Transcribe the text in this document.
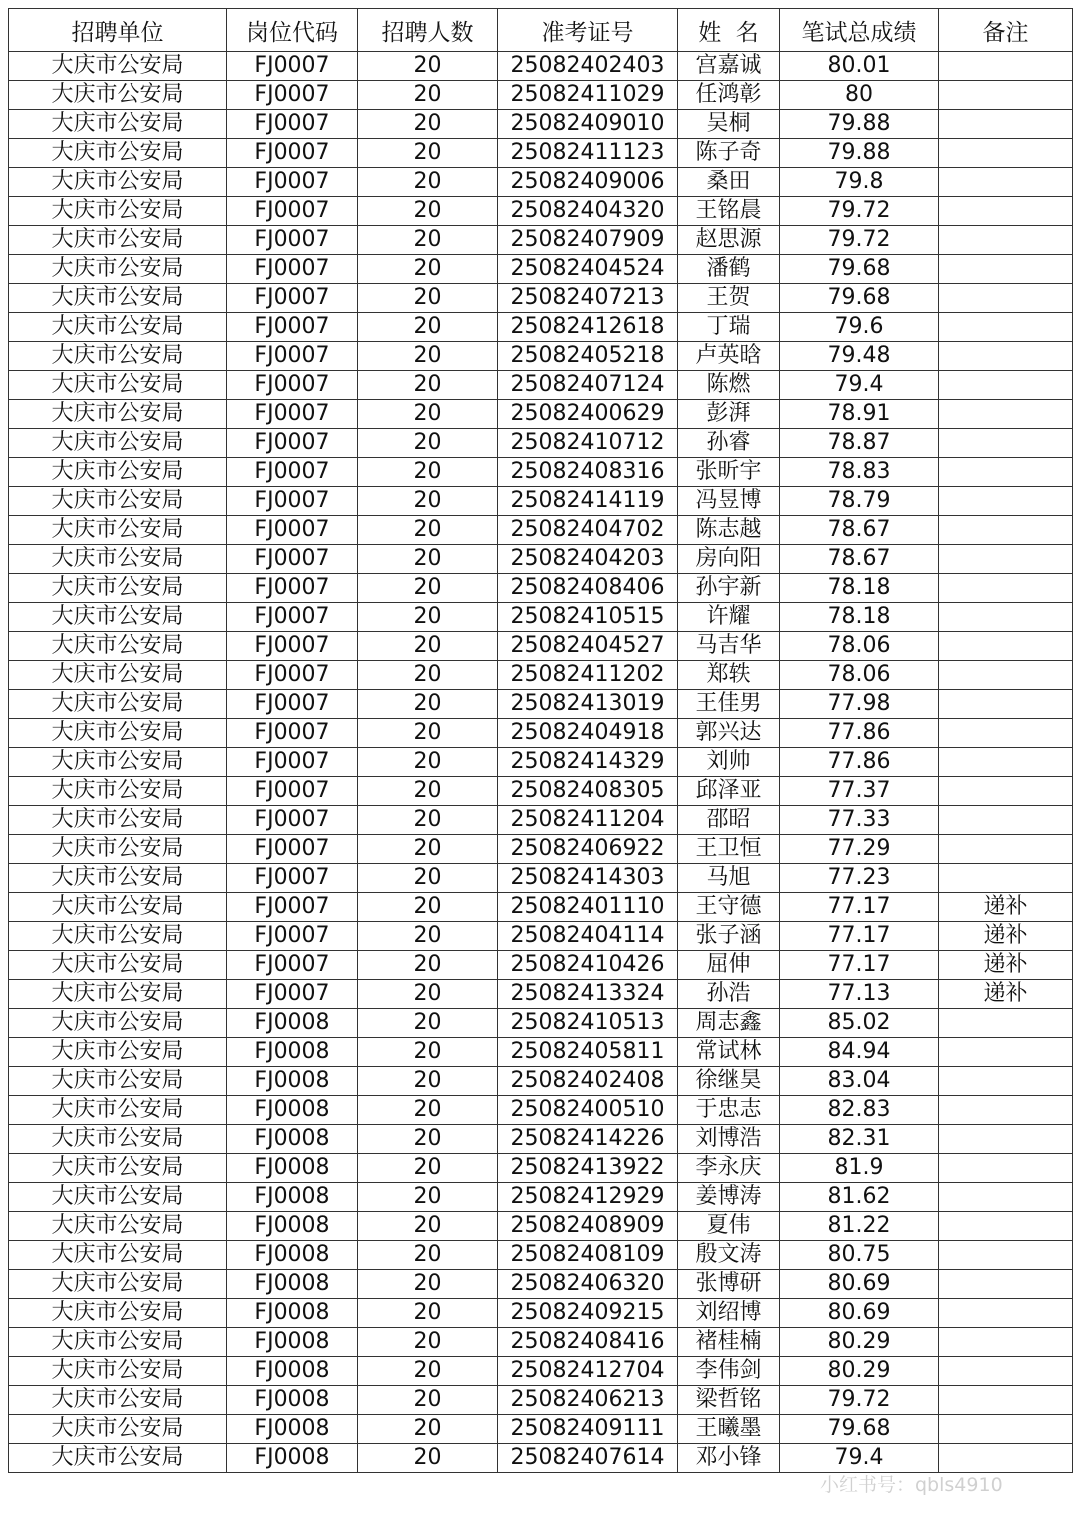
招聘单位	岗位代码	招聘人数	准考证号	姓  名	笔试总成绩	备注
大庆市公安局	FJ0007	20	25082402403	宫嘉诚	80.01	
大庆市公安局	FJ0007	20	25082411029	任鸿彰	80	
大庆市公安局	FJ0007	20	25082409010	吴桐	79.88	
大庆市公安局	FJ0007	20	25082411123	陈子奇	79.88	
大庆市公安局	FJ0007	20	25082409006	桑田	79.8	
大庆市公安局	FJ0007	20	25082404320	王铭晨	79.72	
大庆市公安局	FJ0007	20	25082407909	赵思源	79.72	
大庆市公安局	FJ0007	20	25082404524	潘鹤	79.68	
大庆市公安局	FJ0007	20	25082407213	王贺	79.68	
大庆市公安局	FJ0007	20	25082412618	丁瑞	79.6	
大庆市公安局	FJ0007	20	25082405218	卢英晗	79.48	
大庆市公安局	FJ0007	20	25082407124	陈燃	79.4	
大庆市公安局	FJ0007	20	25082400629	彭湃	78.91	
大庆市公安局	FJ0007	20	25082410712	孙睿	78.87	
大庆市公安局	FJ0007	20	25082408316	张昕宇	78.83	
大庆市公安局	FJ0007	20	25082414119	冯昱博	78.79	
大庆市公安局	FJ0007	20	25082404702	陈志越	78.67	
大庆市公安局	FJ0007	20	25082404203	房向阳	78.67	
大庆市公安局	FJ0007	20	25082408406	孙宇新	78.18	
大庆市公安局	FJ0007	20	25082410515	许耀	78.18	
大庆市公安局	FJ0007	20	25082404527	马吉华	78.06	
大庆市公安局	FJ0007	20	25082411202	郑轶	78.06	
大庆市公安局	FJ0007	20	25082413019	王佳男	77.98	
大庆市公安局	FJ0007	20	25082404918	郭兴达	77.86	
大庆市公安局	FJ0007	20	25082414329	刘帅	77.86	
大庆市公安局	FJ0007	20	25082408305	邱泽亚	77.37	
大庆市公安局	FJ0007	20	25082411204	邵昭	77.33	
大庆市公安局	FJ0007	20	25082406922	王卫恒	77.29	
大庆市公安局	FJ0007	20	25082414303	马旭	77.23	
大庆市公安局	FJ0007	20	25082401110	王守德	77.17	递补
大庆市公安局	FJ0007	20	25082404114	张子涵	77.17	递补
大庆市公安局	FJ0007	20	25082410426	屈伸	77.17	递补
大庆市公安局	FJ0007	20	25082413324	孙浩	77.13	递补
大庆市公安局	FJ0008	20	25082410513	周志鑫	85.02	
大庆市公安局	FJ0008	20	25082405811	常试林	84.94	
大庆市公安局	FJ0008	20	25082402408	徐继昊	83.04	
大庆市公安局	FJ0008	20	25082400510	于忠志	82.83	
大庆市公安局	FJ0008	20	25082414226	刘博浩	82.31	
大庆市公安局	FJ0008	20	25082413922	李永庆	81.9	
大庆市公安局	FJ0008	20	25082412929	姜博涛	81.62	
大庆市公安局	FJ0008	20	25082408909	夏伟	81.22	
大庆市公安局	FJ0008	20	25082408109	殷文涛	80.75	
大庆市公安局	FJ0008	20	25082406320	张博研	80.69	
大庆市公安局	FJ0008	20	25082409215	刘绍博	80.69	
大庆市公安局	FJ0008	20	25082408416	褚桂楠	80.29	
大庆市公安局	FJ0008	20	25082412704	李伟剑	80.29	
大庆市公安局	FJ0008	20	25082406213	梁哲铭	79.72	
大庆市公安局	FJ0008	20	25082409111	王曦墨	79.68	
大庆市公安局	FJ0008	20	25082407614	邓小锋	79.4	
小红书号：qbls4910
